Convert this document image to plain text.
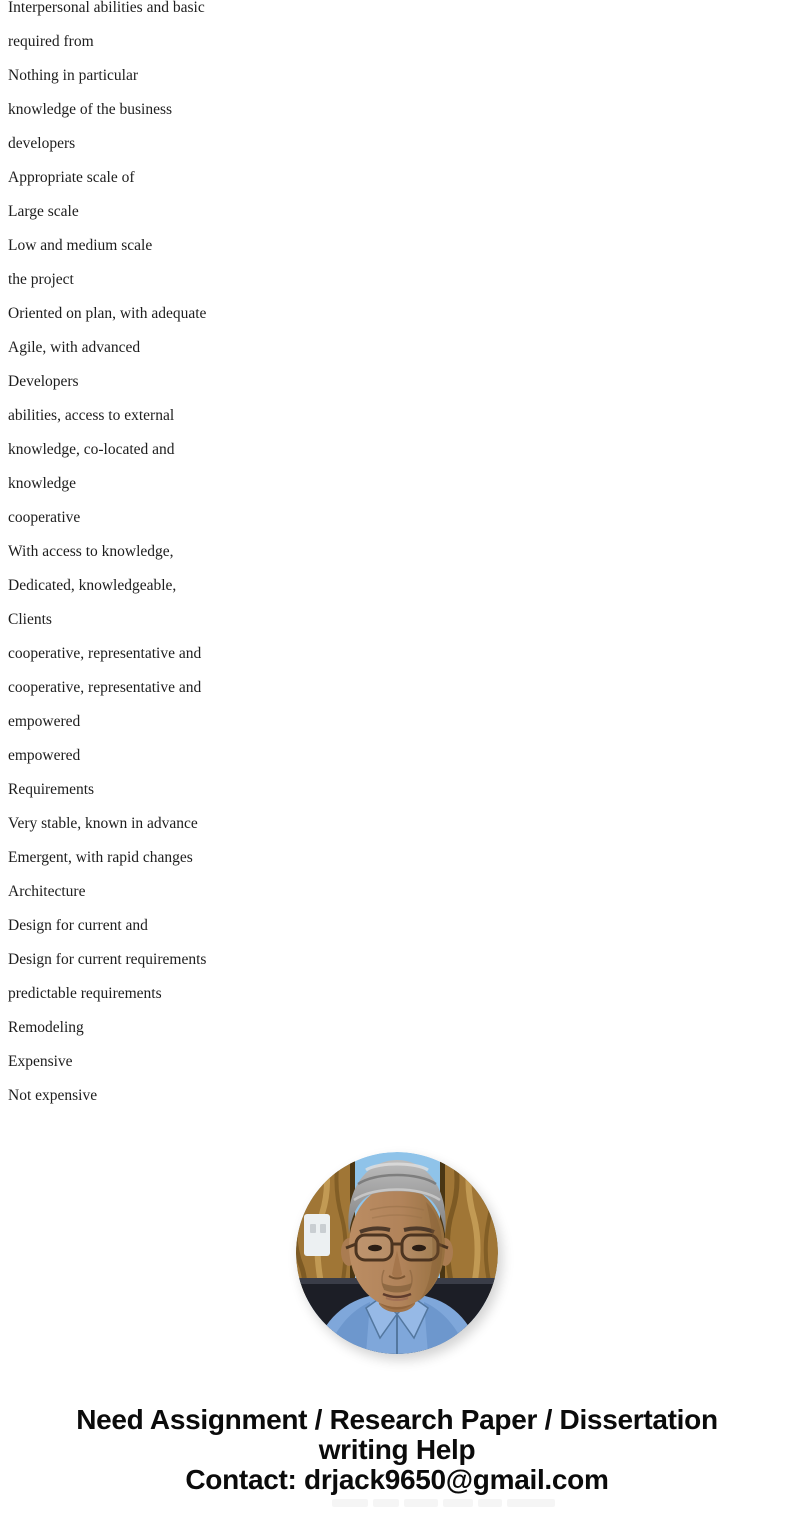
Interpersonal abilities and basic
required from
Nothing in particular
knowledge of the business
developers
Appropriate scale of
Large scale
Low and medium scale
the project
Oriented on plan, with adequate
Agile, with advanced
Developers
abilities, access to external
knowledge, co-located and
knowledge
cooperative
With access to knowledge,
Dedicated, knowledgeable,
Clients
cooperative, representative and
cooperative, representative and
empowered
empowered
Requirements
Very stable, known in advance
Emergent, with rapid changes
Architecture
Design for current and
Design for current requirements
predictable requirements
Remodeling
Expensive
Not expensive
Need Assignment / Research Paper / Dissertation
writing Help
Contact: drjack9650@gmail.com
